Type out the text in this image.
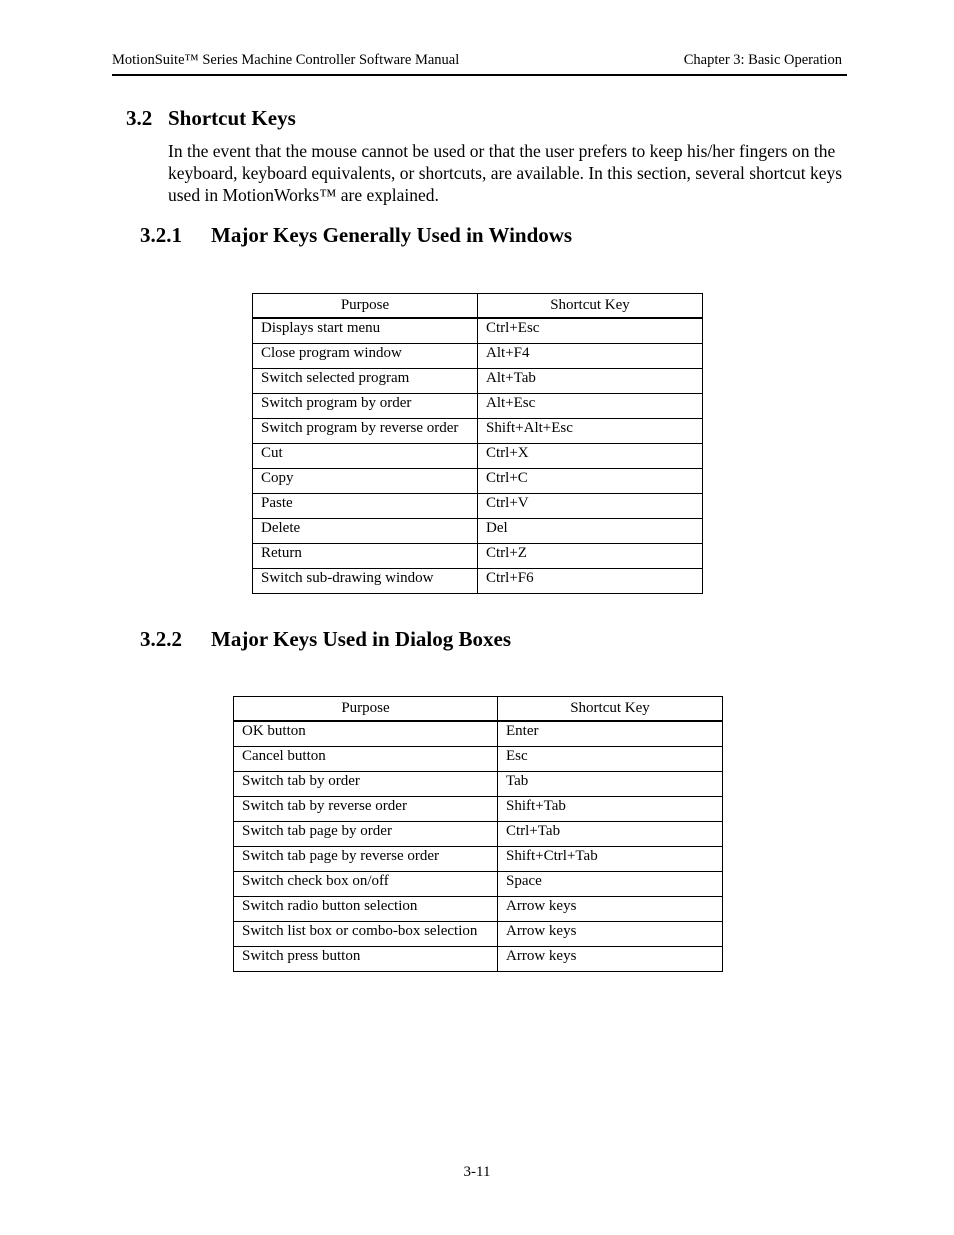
MotionSuite™ Series Machine Controller Software Manual	Chapter 3: Basic Operation
3.2 Shortcut Keys
In the event that the mouse cannot be used or that the user prefers to keep his/her fingers on the keyboard, keyboard equivalents, or shortcuts, are available. In this section, several shortcut keys used in MotionWorks™ are explained.
3.2.1 Major Keys Generally Used in Windows
Purpose	Shortcut Key
Displays start menu	Ctrl+Esc
Close program window	Alt+F4
Switch selected program	Alt+Tab
Switch program by order	Alt+Esc
Switch program by reverse order	Shift+Alt+Esc
Cut	Ctrl+X
Copy	Ctrl+C
Paste	Ctrl+V
Delete	Del
Return	Ctrl+Z
Switch sub-drawing window	Ctrl+F6
3.2.2 Major Keys Used in Dialog Boxes
Purpose	Shortcut Key
OK button	Enter
Cancel button	Esc
Switch tab by order	Tab
Switch tab by reverse order	Shift+Tab
Switch tab page by order	Ctrl+Tab
Switch tab page by reverse order	Shift+Ctrl+Tab
Switch check box on/off	Space
Switch radio button selection	Arrow keys
Switch list box or combo-box selection	Arrow keys
Switch press button	Arrow keys
3-11
